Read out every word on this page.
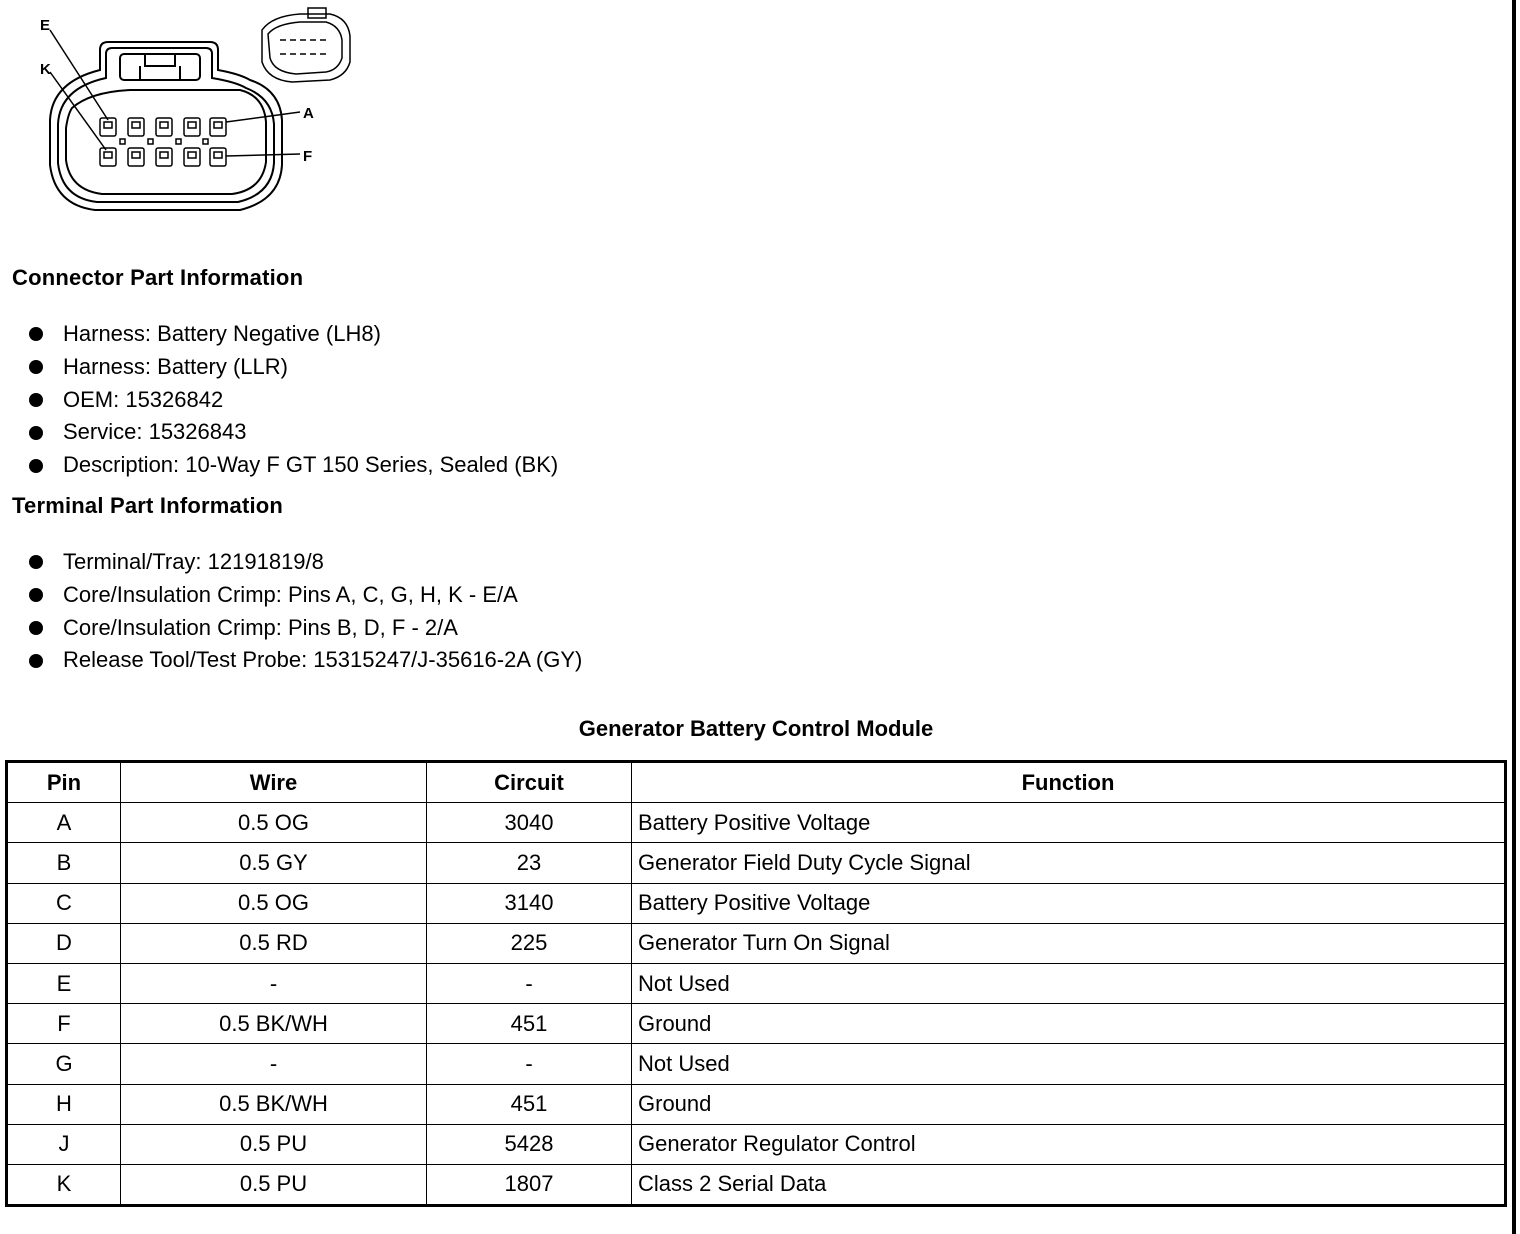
E
K
A
F
Connector Part Information
Harness: Battery Negative (LH8)
Harness: Battery (LLR)
OEM: 15326842
Service: 15326843
Description: 10-Way F GT 150 Series, Sealed (BK)
Terminal Part Information
Terminal/Tray: 12191819/8
Core/Insulation Crimp: Pins A, C, G, H, K - E/A
Core/Insulation Crimp: Pins B, D, F - 2/A
Release Tool/Test Probe: 15315247/J-35616-2A (GY)
Generator Battery Control Module
Pin	Wire	Circuit	Function
A	0.5 OG	3040	Battery Positive Voltage
B	0.5 GY	23	Generator Field Duty Cycle Signal
C	0.5 OG	3140	Battery Positive Voltage
D	0.5 RD	225	Generator Turn On Signal
E	-	-	Not Used
F	0.5 BK/WH	451	Ground
G	-	-	Not Used
H	0.5 BK/WH	451	Ground
J	0.5 PU	5428	Generator Regulator Control
K	0.5 PU	1807	Class 2 Serial Data
